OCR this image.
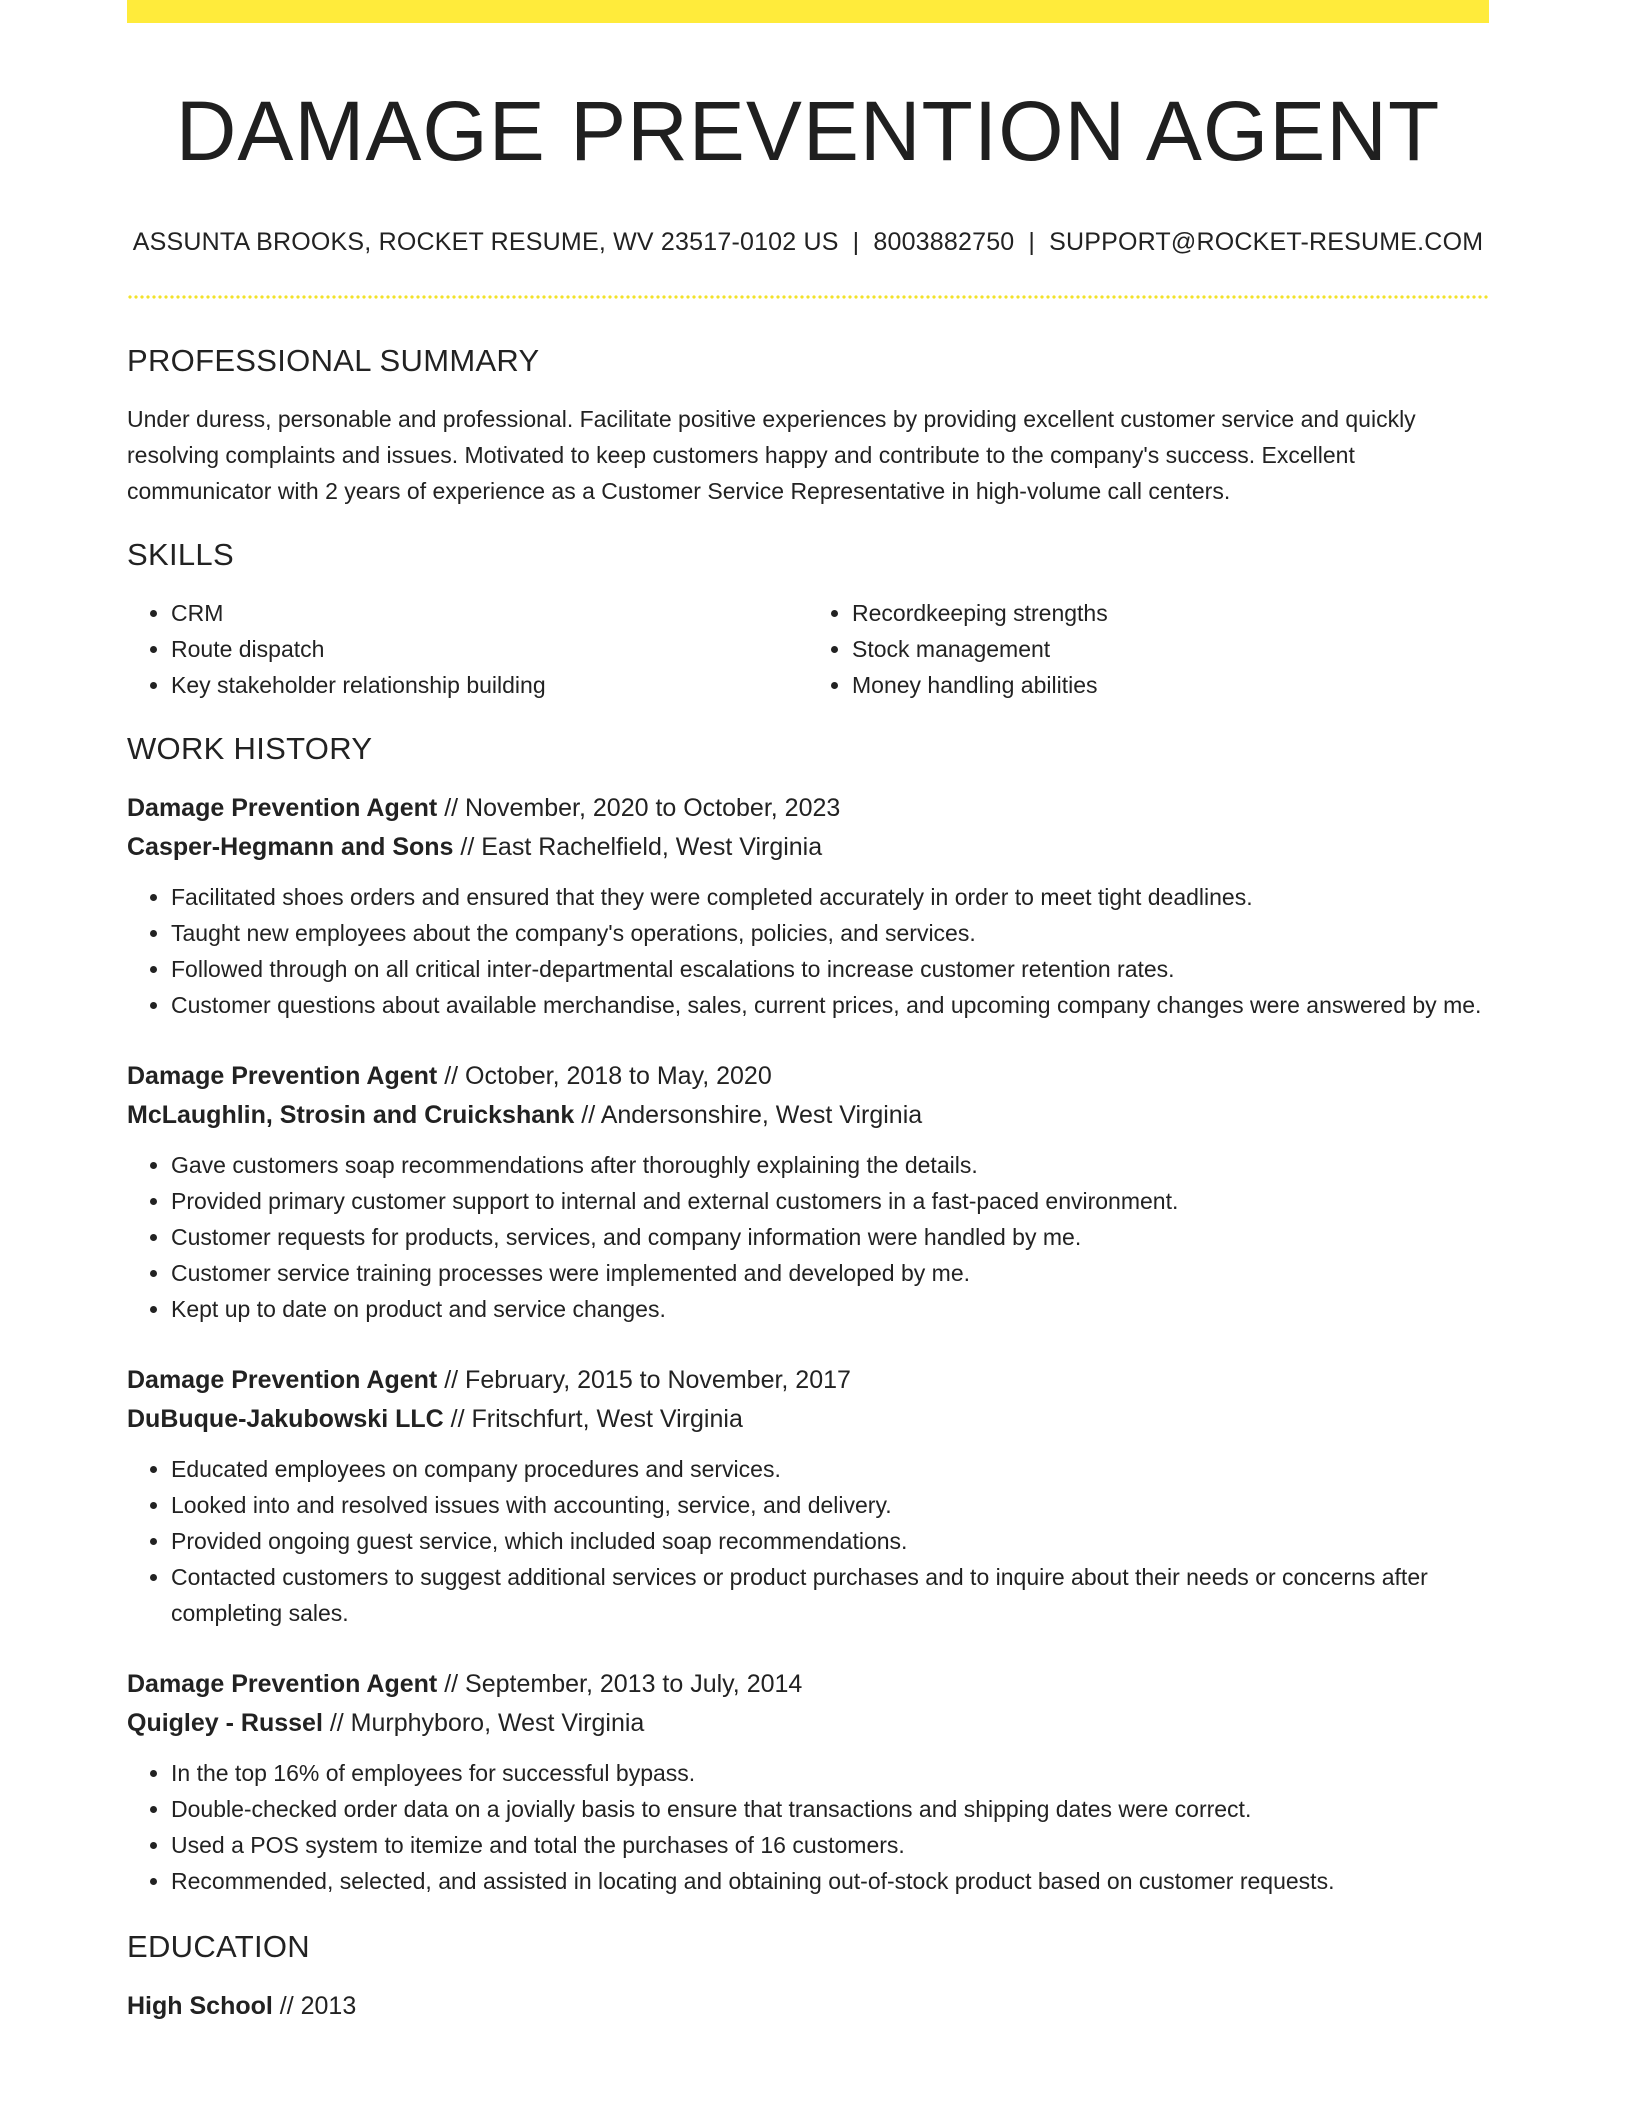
DAMAGE PREVENTION AGENT
ASSUNTA BROOKS, ROCKET RESUME, WV 23517-0102 US | 8003882750 | SUPPORT@ROCKET-RESUME.COM
PROFESSIONAL SUMMARY

Under duress, personable and professional. Facilitate positive experiences by providing excellent customer service and quickly resolving complaints and issues. Motivated to keep customers happy and contribute to the company's success. Excellent communicator with 2 years of experience as a Customer Service Representative in high-volume call centers.

SKILLS
• CRM
• Route dispatch
• Key stakeholder relationship building
• Recordkeeping strengths
• Stock management
• Money handling abilities
WORK HISTORY
Damage Prevention Agent // November, 2020 to October, 2023
Casper-Hegmann and Sons // East Rachelfield, West Virginia
• Facilitated shoes orders and ensured that they were completed accurately in order to meet tight deadlines.
• Taught new employees about the company's operations, policies, and services.
• Followed through on all critical inter-departmental escalations to increase customer retention rates.
• Customer questions about available merchandise, sales, current prices, and upcoming company changes were answered by me.
Damage Prevention Agent // October, 2018 to May, 2020
McLaughlin, Strosin and Cruickshank // Andersonshire, West Virginia
• Gave customers soap recommendations after thoroughly explaining the details.
• Provided primary customer support to internal and external customers in a fast-paced environment.
• Customer requests for products, services, and company information were handled by me.
• Customer service training processes were implemented and developed by me.
• Kept up to date on product and service changes.
Damage Prevention Agent // February, 2015 to November, 2017
DuBuque-Jakubowski LLC // Fritschfurt, West Virginia
• Educated employees on company procedures and services.
• Looked into and resolved issues with accounting, service, and delivery.
• Provided ongoing guest service, which included soap recommendations.
• Contacted customers to suggest additional services or product purchases and to inquire about their needs or concerns after completing sales.
Damage Prevention Agent // September, 2013 to July, 2014
Quigley - Russel // Murphyboro, West Virginia
• In the top 16% of employees for successful bypass.
• Double-checked order data on a jovially basis to ensure that transactions and shipping dates were correct.
• Used a POS system to itemize and total the purchases of 16 customers.
• Recommended, selected, and assisted in locating and obtaining out-of-stock product based on customer requests.
EDUCATION
High School // 2013
